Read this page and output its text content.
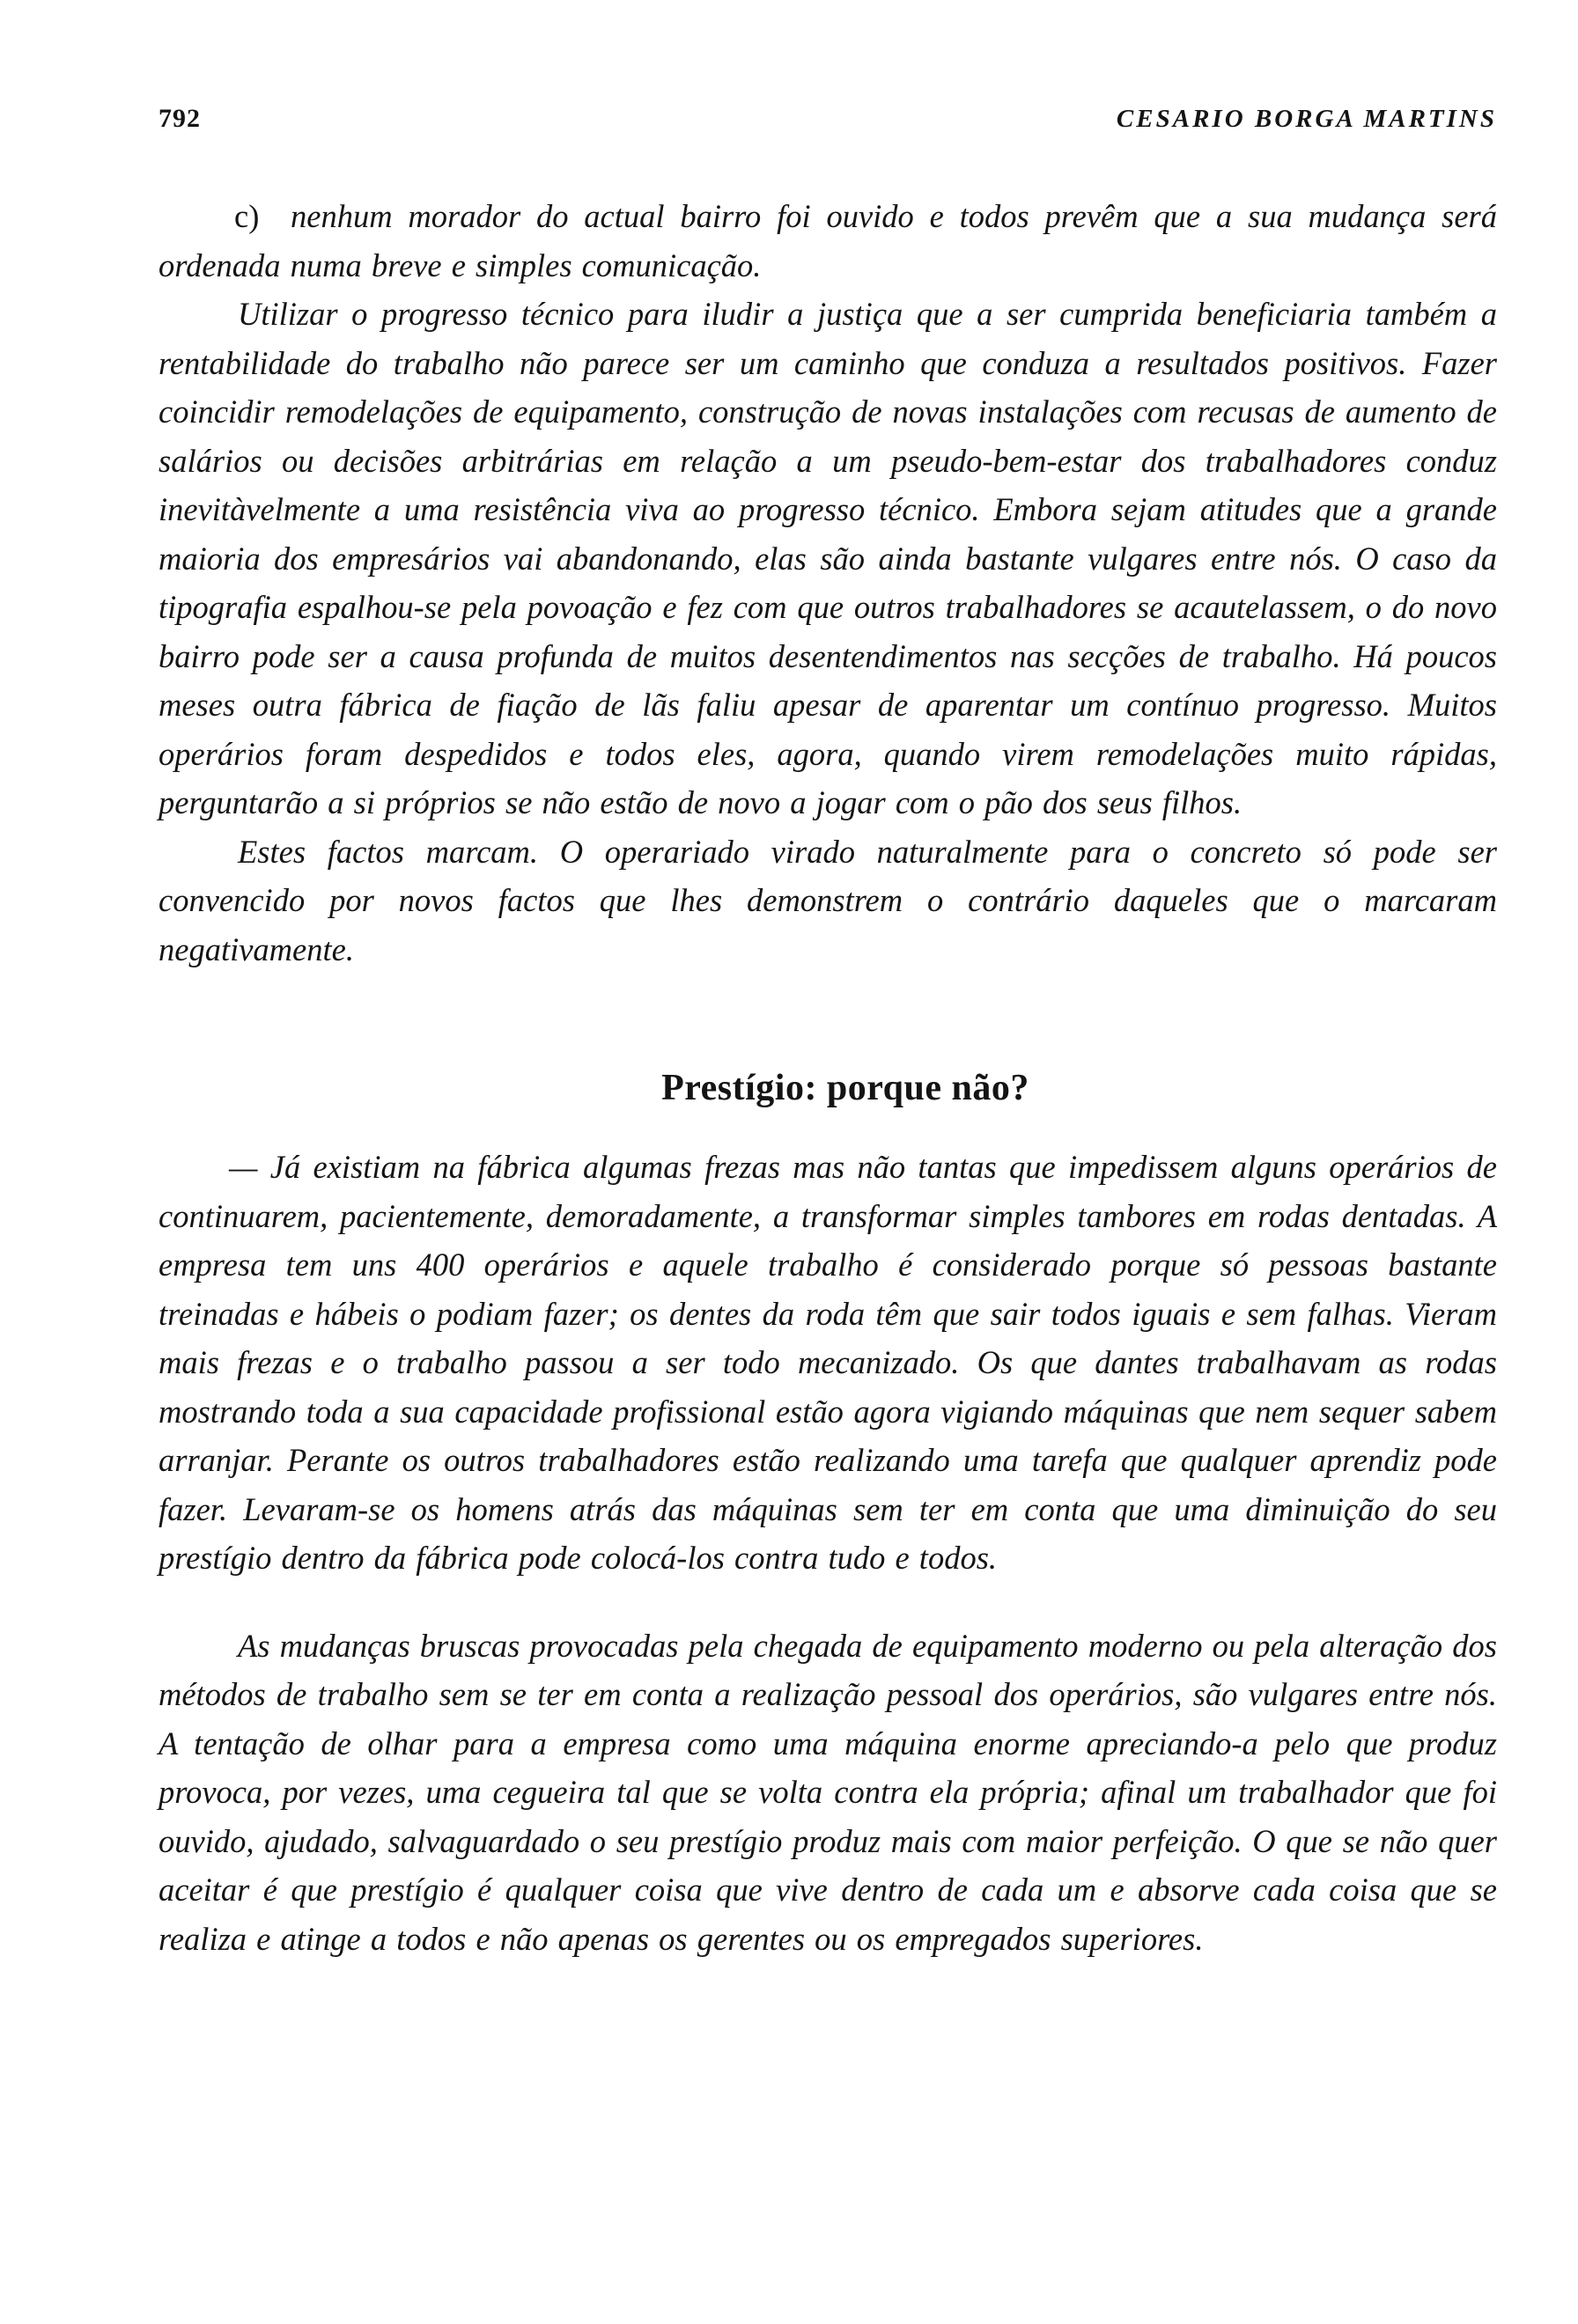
792	CESARIO BORGA MARTINS

c) nenhum morador do actual bairro foi ouvido e todos prevêm que a sua mudança será ordenada numa breve e simples comunicação.

Utilizar o progresso técnico para iludir a justiça que a ser cumprida beneficiaria também a rentabilidade do trabalho não parece ser um caminho que conduza a resultados positivos. Fazer coincidir remodelações de equipamento, construção de novas instalações com recusas de aumento de salários ou decisões arbitrárias em relação a um pseudo-bem-estar dos trabalhadores conduz inevitàvelmente a uma resistência viva ao progresso técnico. Embora sejam atitudes que a grande maioria dos empresários vai abandonando, elas são ainda bastante vulgares entre nós. O caso da tipografia espalhou-se pela povoação e fez com que outros trabalhadores se acautelassem, o do novo bairro pode ser a causa profunda de muitos desentendimentos nas secções de trabalho. Há poucos meses outra fábrica de fiação de lãs faliu apesar de aparentar um contínuo progresso. Muitos operários foram despedidos e todos eles, agora, quando virem remodelações muito rápidas, perguntarão a si próprios se não estão de novo a jogar com o pão dos seus filhos.

Estes factos marcam. O operariado virado naturalmente para o concreto só pode ser convencido por novos factos que lhes demonstrem o contrário daqueles que o marcaram negativamente.

Prestígio: porque não?

— Já existiam na fábrica algumas frezas mas não tantas que impedissem alguns operários de continuarem, pacientemente, demoradamente, a transformar simples tambores em rodas dentadas. A empresa tem uns 400 operários e aquele trabalho é considerado porque só pessoas bastante treinadas e hábeis o podiam fazer; os dentes da roda têm que sair todos iguais e sem falhas. Vieram mais frezas e o trabalho passou a ser todo mecanizado. Os que dantes trabalhavam as rodas mostrando toda a sua capacidade profissional estão agora vigiando máquinas que nem sequer sabem arranjar. Perante os outros trabalhadores estão realizando uma tarefa que qualquer aprendiz pode fazer. Levaram-se os homens atrás das máquinas sem ter em conta que uma diminuição do seu prestígio dentro da fábrica pode colocá-los contra tudo e todos.

As mudanças bruscas provocadas pela chegada de equipamento moderno ou pela alteração dos métodos de trabalho sem se ter em conta a realização pessoal dos operários, são vulgares entre nós. A tentação de olhar para a empresa como uma máquina enorme apreciando-a pelo que produz provoca, por vezes, uma cegueira tal que se volta contra ela própria; afinal um trabalhador que foi ouvido, ajudado, salvaguardado o seu prestígio produz mais com maior perfeição. O que se não quer aceitar é que prestígio é qualquer coisa que vive dentro de cada um e absorve cada coisa que se realiza e atinge a todos e não apenas os gerentes ou os empregados superiores.
